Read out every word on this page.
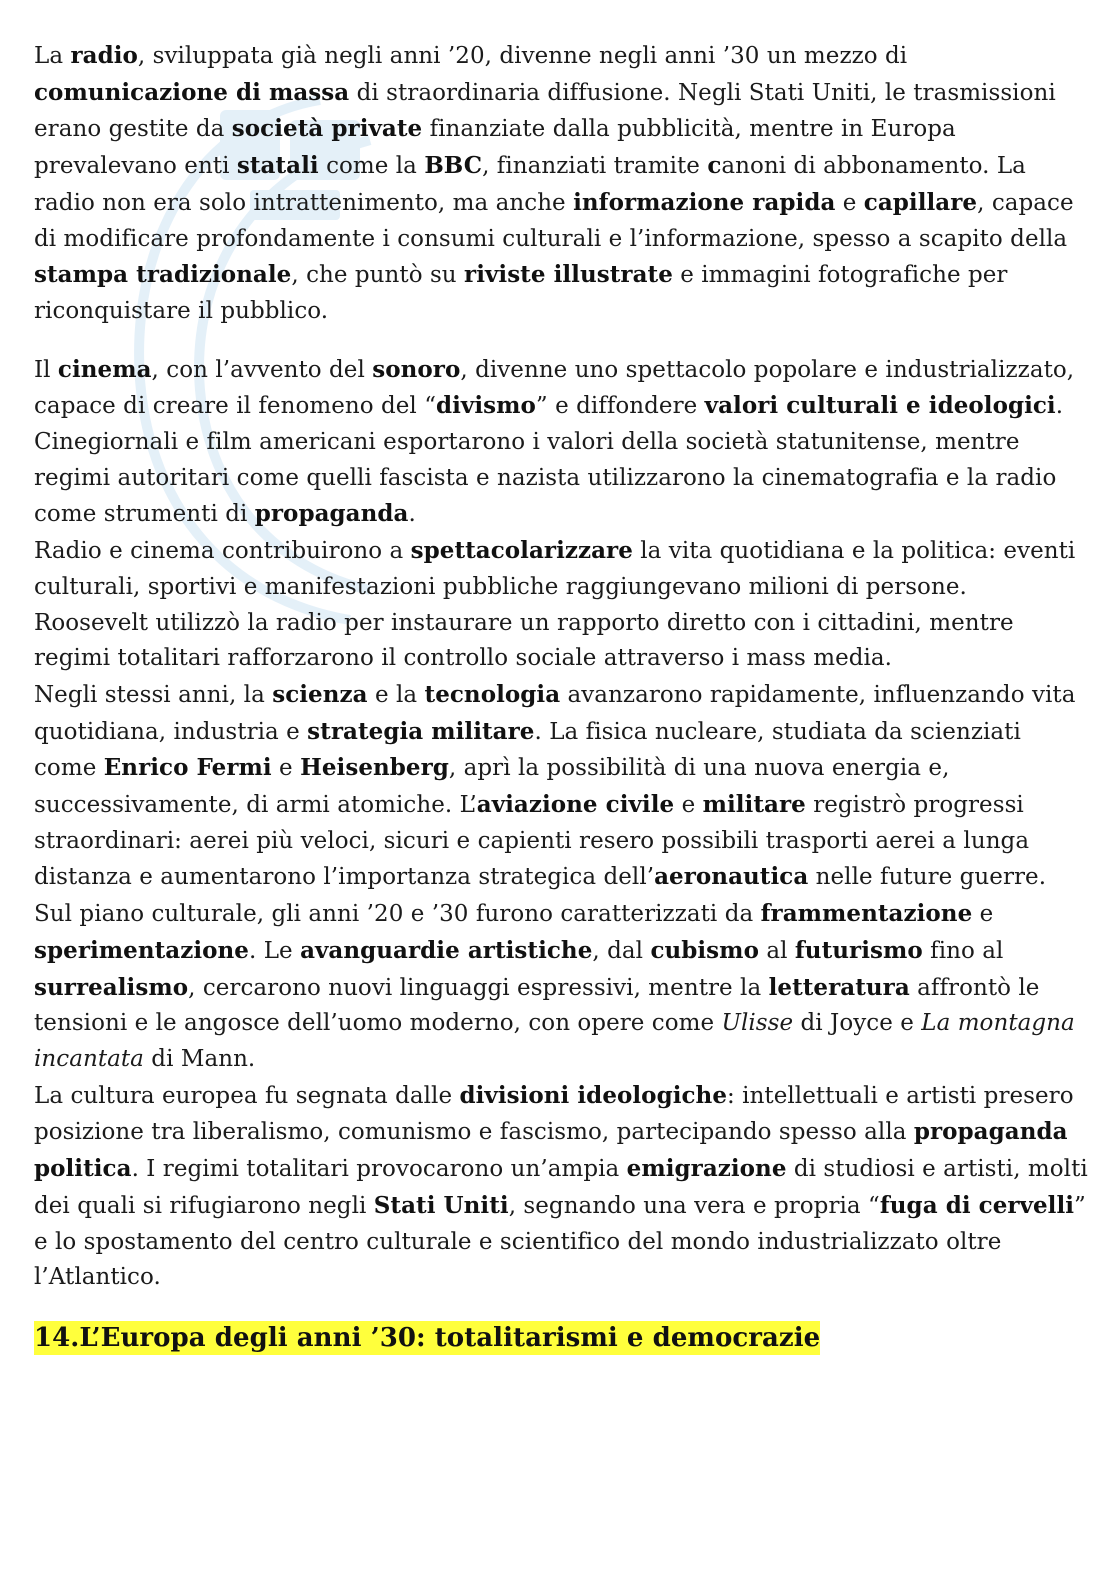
La radio, sviluppata già negli anni ’20, divenne negli anni ’30 un mezzo di comunicazione di massa di straordinaria diffusione. Negli Stati Uniti, le trasmissioni erano gestite da società private finanziate dalla pubblicità, mentre in Europa prevalevano enti statali come la BBC, finanziati tramite canoni di abbonamento. La radio non era solo intrattenimento, ma anche informazione rapida e capillare, capace di modificare profondamente i consumi culturali e l’informazione, spesso a scapito della stampa tradizionale, che puntò su riviste illustrate e immagini fotografiche per riconquistare il pubblico.

Il cinema, con l’avvento del sonoro, divenne uno spettacolo popolare e industrializzato, capace di creare il fenomeno del “divismo” e diffondere valori culturali e ideologici. Cinegiornali e film americani esportarono i valori della società statunitense, mentre regimi autoritari come quelli fascista e nazista utilizzarono la cinematografia e la radio come strumenti di propaganda.

Radio e cinema contribuirono a spettacolarizzare la vita quotidiana e la politica: eventi culturali, sportivi e manifestazioni pubbliche raggiungevano milioni di persone. Roosevelt utilizzò la radio per instaurare un rapporto diretto con i cittadini, mentre regimi totalitari rafforzarono il controllo sociale attraverso i mass media.

Negli stessi anni, la scienza e la tecnologia avanzarono rapidamente, influenzando vita quotidiana, industria e strategia militare. La fisica nucleare, studiata da scienziati come Enrico Fermi e Heisenberg, aprì la possibilità di una nuova energia e, successivamente, di armi atomiche. L’aviazione civile e militare registrò progressi straordinari: aerei più veloci, sicuri e capienti resero possibili trasporti aerei a lunga distanza e aumentarono l’importanza strategica dell’aeronautica nelle future guerre.

Sul piano culturale, gli anni ’20 e ’30 furono caratterizzati da frammentazione e sperimentazione. Le avanguardie artistiche, dal cubismo al futurismo fino al surrealismo, cercarono nuovi linguaggi espressivi, mentre la letteratura affrontò le tensioni e le angosce dell’uomo moderno, con opere come Ulisse di Joyce e La montagna incantata di Mann.

La cultura europea fu segnata dalle divisioni ideologiche: intellettuali e artisti presero posizione tra liberalismo, comunismo e fascismo, partecipando spesso alla propaganda politica. I regimi totalitari provocarono un’ampia emigrazione di studiosi e artisti, molti dei quali si rifugiarono negli Stati Uniti, segnando una vera e propria “fuga di cervelli” e lo spostamento del centro culturale e scientifico del mondo industrializzato oltre l’Atlantico.

14.L’Europa degli anni ’30: totalitarismi e democrazie
